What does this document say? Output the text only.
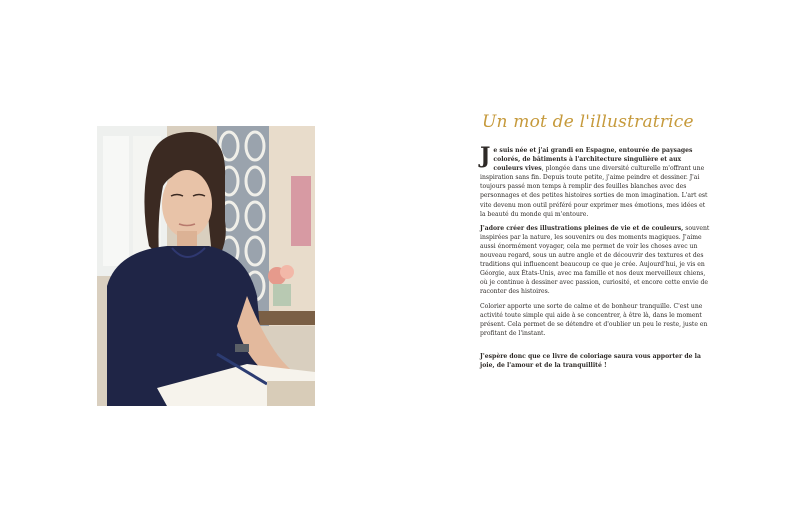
Un mot de l'illustratrice

Je suis née et j'ai grandi en Espagne, entourée de paysages colorés, de bâtiments à l'architecture singulière et aux couleurs vives, plongée dans une diversité culturelle m'offrant une inspiration sans fin. Depuis toute petite, j'aime peindre et dessiner. J'ai toujours passé mon temps à remplir des feuilles blanches avec des personnages et des petites histoires sorties de mon imagination. L'art est vite devenu mon outil préféré pour exprimer mes émotions, mes idées et la beauté du monde qui m'entoure.

J'adore créer des illustrations pleines de vie et de couleurs, souvent inspirées par la nature, les souvenirs ou des moments magiques. J'aime aussi énormément voyager, cela me permet de voir les choses avec un nouveau regard, sous un autre angle et de découvrir des textures et des traditions qui influencent beaucoup ce que je crée. Aujourd'hui, je vis en Géorgie, aux États-Unis, avec ma famille et nos deux merveilleux chiens, où je continue à dessiner avec passion, curiosité, et encore cette envie de raconter des histoires.

Colorier apporte une sorte de calme et de bonheur tranquille. C'est une activité toute simple qui aide à se concentrer, à être là, dans le moment présent. Cela permet de se détendre et d'oublier un peu le reste, juste en profitant de l'instant.

J'espère donc que ce livre de coloriage saura vous apporter de la joie, de l'amour et de la tranquillité !
